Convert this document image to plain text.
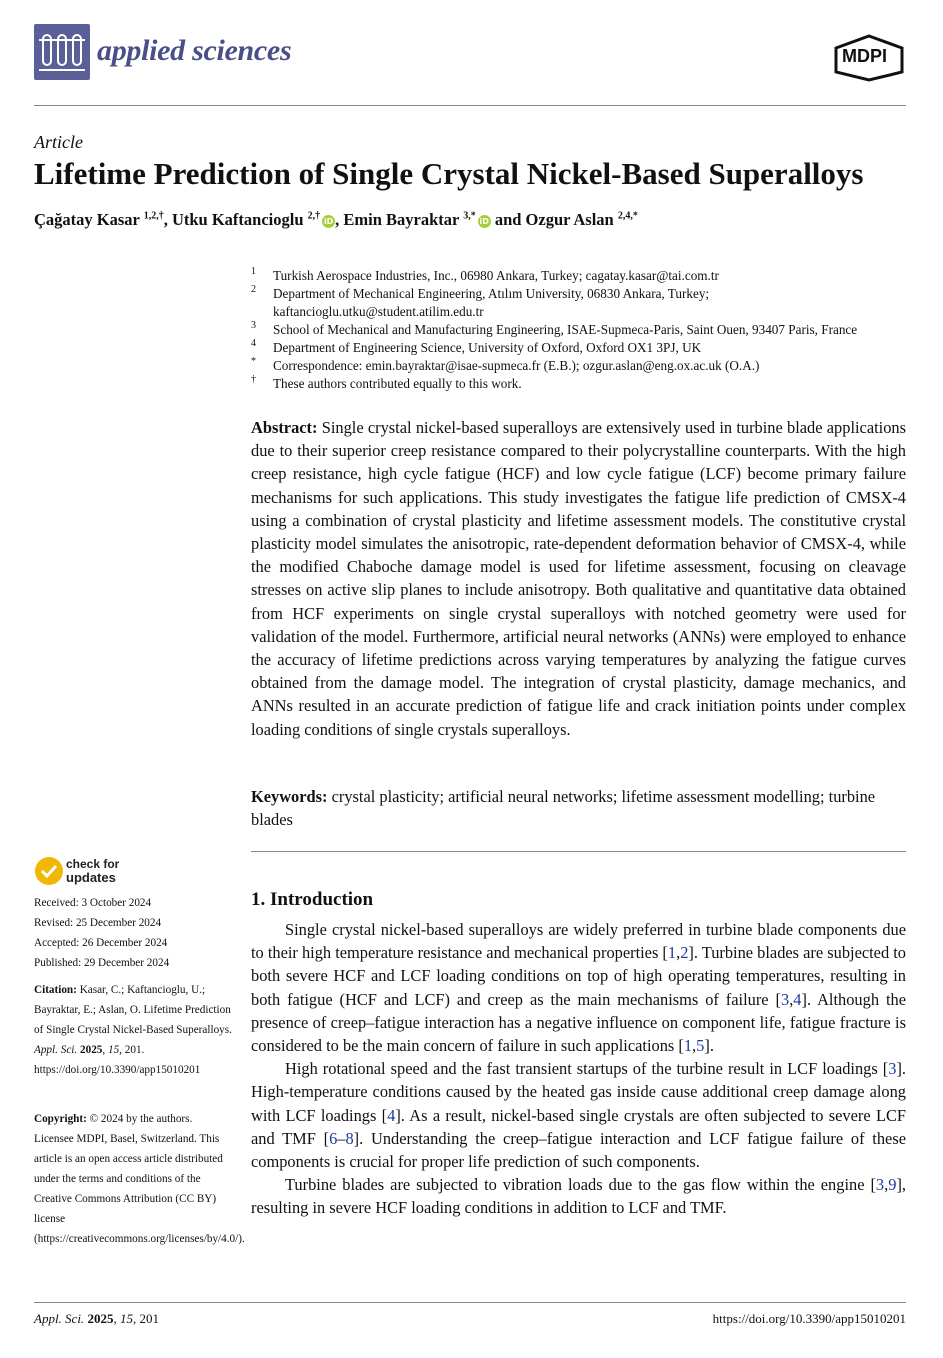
applied sciences	MDPI
Article
Lifetime Prediction of Single Crystal Nickel-Based Superalloys
Çağatay Kasar $^{1,2,\dagger}$, Utku Kaftancioglu $^{2,\dagger}$ iD , Emin Bayraktar $^{3,*}$ iD and Ozgur Aslan $^{2,4,*}$
1 Turkish Aerospace Industries, Inc., 06980 Ankara, Turkey; cagatay.kasar@tai.com.tr
2 Department of Mechanical Engineering, Atılım University, 06830 Ankara, Turkey;
kaftancioglu.utku@student.atilim.edu.tr
3 School of Mechanical and Manufacturing Engineering, ISAE-Supmeca-Paris, Saint Ouen, 93407 Paris, France
4 Department of Engineering Science, University of Oxford, Oxford OX1 3PJ, UK
* Correspondence: emin.bayraktar@isae-supmeca.fr (E.B.); ozgur.aslan@eng.ox.ac.uk (O.A.)
† These authors contributed equally to this work.
Abstract: Single crystal nickel-based superalloys are extensively used in turbine blade applications due to their superior creep resistance compared to their polycrystalline counterparts. With the high creep resistance, high cycle fatigue (HCF) and low cycle fatigue (LCF) become primary failure mechanisms for such applications. This study investigates the fatigue life prediction of CMSX-4 using a combination of crystal plasticity and lifetime assessment models. The constitutive crystal plasticity model simulates the anisotropic, rate-dependent deformation behavior of CMSX-4, while the modified Chaboche damage model is used for lifetime assessment, focusing on cleavage stresses on active slip planes to include anisotropy. Both qualitative and quantitative data obtained from HCF experiments on single crystal superalloys with notched geometry were used for validation of the model. Furthermore, artificial neural networks (ANNs) were employed to enhance the accuracy of lifetime predictions across varying temperatures by analyzing the fatigue curves obtained from the damage model. The integration of crystal plasticity, damage mechanics, and ANNs resulted in an accurate prediction of fatigue life and crack initiation points under complex loading conditions of single crystals superalloys.
Keywords: crystal plasticity; artificial neural networks; lifetime assessment modelling; turbine blades
check for
updates
Received: 3 October 2024
Revised: 25 December 2024
Accepted: 26 December 2024
Published: 29 December 2024
Citation: Kasar, C.; Kaftancioglu, U.; Bayraktar, E.; Aslan, O. Lifetime Prediction of Single Crystal Nickel-Based Superalloys. Appl. Sci. 2025, 15, 201. https://doi.org/10.3390/app15010201
Copyright: © 2024 by the authors. Licensee MDPI, Basel, Switzerland. This article is an open access article distributed under the terms and conditions of the Creative Commons Attribution (CC BY) license (https://creativecommons.org/licenses/by/4.0/).
1. Introduction
Single crystal nickel-based superalloys are widely preferred in turbine blade components due to their high temperature resistance and mechanical properties [1,2]. Turbine blades are subjected to both severe HCF and LCF loading conditions on top of high operating temperatures, resulting in both fatigue (HCF and LCF) and creep as the main mechanisms of failure [3,4]. Although the presence of creep–fatigue interaction has a negative influence on component life, fatigue fracture is considered to be the main concern of failure in such applications [1,5].
High rotational speed and the fast transient startups of the turbine result in LCF loadings [3]. High-temperature conditions caused by the heated gas inside cause additional creep damage along with LCF loadings [4]. As a result, nickel-based single crystals are often subjected to severe LCF and TMF [6–8]. Understanding the creep–fatigue interaction and LCF fatigue failure of these components is crucial for proper life prediction of such components.
Turbine blades are subjected to vibration loads due to the gas flow within the engine [3,9], resulting in severe HCF loading conditions in addition to LCF and TMF.
Appl. Sci. 2025, 15, 201	https://doi.org/10.3390/app15010201
